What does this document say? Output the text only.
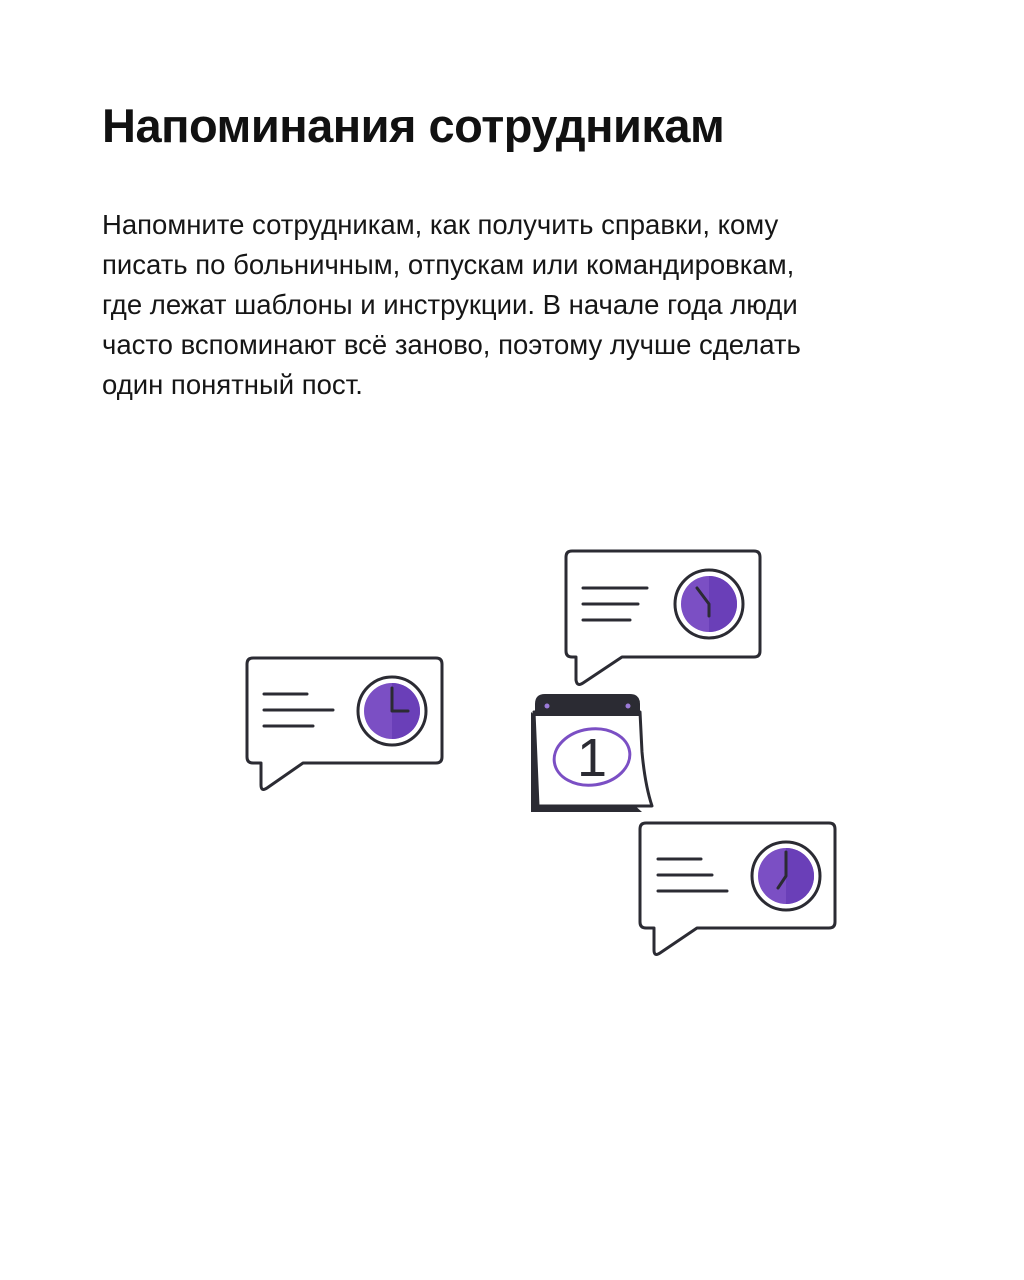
Напоминания сотрудникам

Напомните сотрудникам, как получить справки, кому
писать по больничным, отпускам или командировкам,
где лежат шаблоны и инструкции. В начале года люди
часто вспоминают всё заново, поэтому лучше сделать
один понятный пост.

1
